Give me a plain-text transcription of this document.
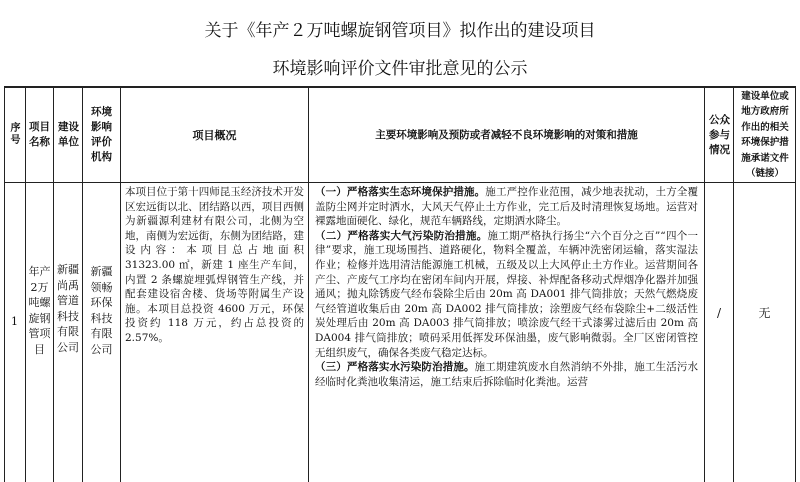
关于《年产２万吨螺旋钢管项目》拟作出的建设项目
环境影响评价文件审批意见的公示
序号
项目名称
建设单位
环境影响评价机构
项目概况	主要环境影响及预防或者减轻不良环境影响的对策和措施
公众参与情况
建设单位或地方政府所作出的相关环境保护措施承诺文件（链接）
1
年产2万吨螺旋钢管项目
新疆尚禹管道科技有限公司
新疆领畅环保科技有限公司
本项目位于第十四师昆玉经济技术开发区宏远街以北、团结路以西，项目西侧为新疆源利建材有限公司，北侧为空地，南侧为宏远街，东侧为团结路，建设内容：本项目总占地面积 31323.00 ㎡，新建 1 座生产车间，内置 2 条螺旋埋弧焊钢管生产线，并配套建设宿舍楼、货场等附属生产设施。本项目总投资 4600 万元，环保投资约 118 万元，约占总投资的 2.57%。

（一）严格落实生态环境保护措施。施工严控作业范围，减少地表扰动，土方全覆盖防尘网并定时洒水，大风天气停止土方作业，完工后及时清理恢复场地。运营对裸露地面硬化、绿化，规范车辆路线，定期洒水降尘。

（二）严格落实大气污染防治措施。施工期严格执行扬尘“六个百分之百”“四个一律”要求，施工现场围挡、道路硬化，物料全覆盖，车辆冲洗密闭运输，落实湿法作业；检修并选用清洁能源施工机械，五级及以上大风停止土方作业。运营期间各产尘、产废气工序均在密闭车间内开展，焊接、补焊配备移动式焊烟净化器并加强通风；抛丸除锈废气经布袋除尘后由 20m 高 DA001 排气筒排放；天然气燃烧废气经管道收集后由 20m 高 DA002 排气筒排放；涂塑废气经布袋除尘+二级活性炭处理后由 20m 高 DA003 排气筒排放；喷涂废气经干式漆雾过滤后由 20m 高 DA004 排气筒排放；喷码采用低挥发环保油墨，废气影响微弱。全厂区密闭管控无组织废气，确保各类废气稳定达标。

（三）严格落实水污染防治措施。施工期建筑废水自然消纳不外排，施工生活污水经临时化粪池收集清运，施工结束后拆除临时化粪池。运营

/	无
